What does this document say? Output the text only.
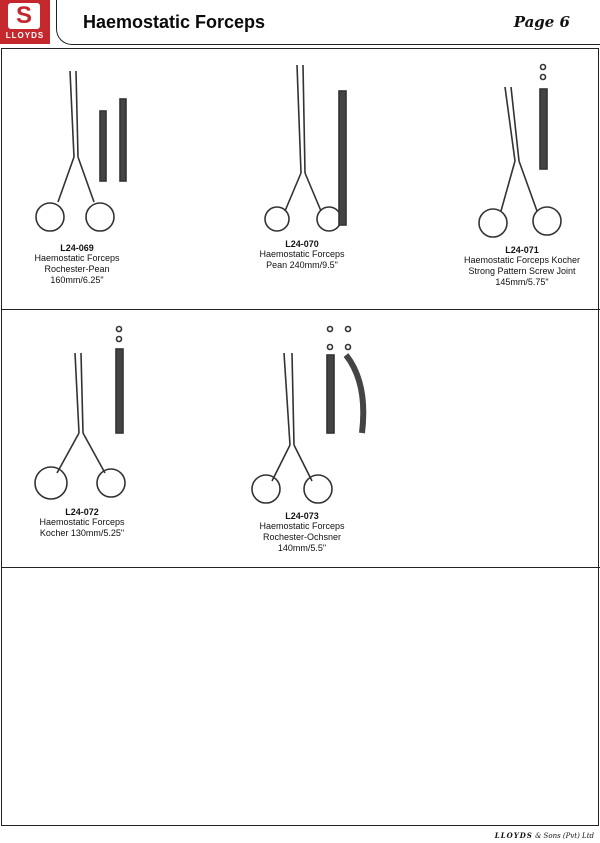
S
LLOYDS
Haemostatic Forceps	Page 6
L24-069
Haemostatic Forceps
Rochester-Pean
160mm/6.25"
L24-070
Haemostatic Forceps
Pean 240mm/9.5"
L24-071
Haemostatic Forceps Kocher
Strong Pattern Screw Joint
145mm/5.75"
L24-072
Haemostatic Forceps
Kocher 130mm/5.25"
L24-073
Haemostatic Forceps
Rochester-Ochsner
140mm/5.5"
LLOYDS & Sons (Pvt) Ltd
